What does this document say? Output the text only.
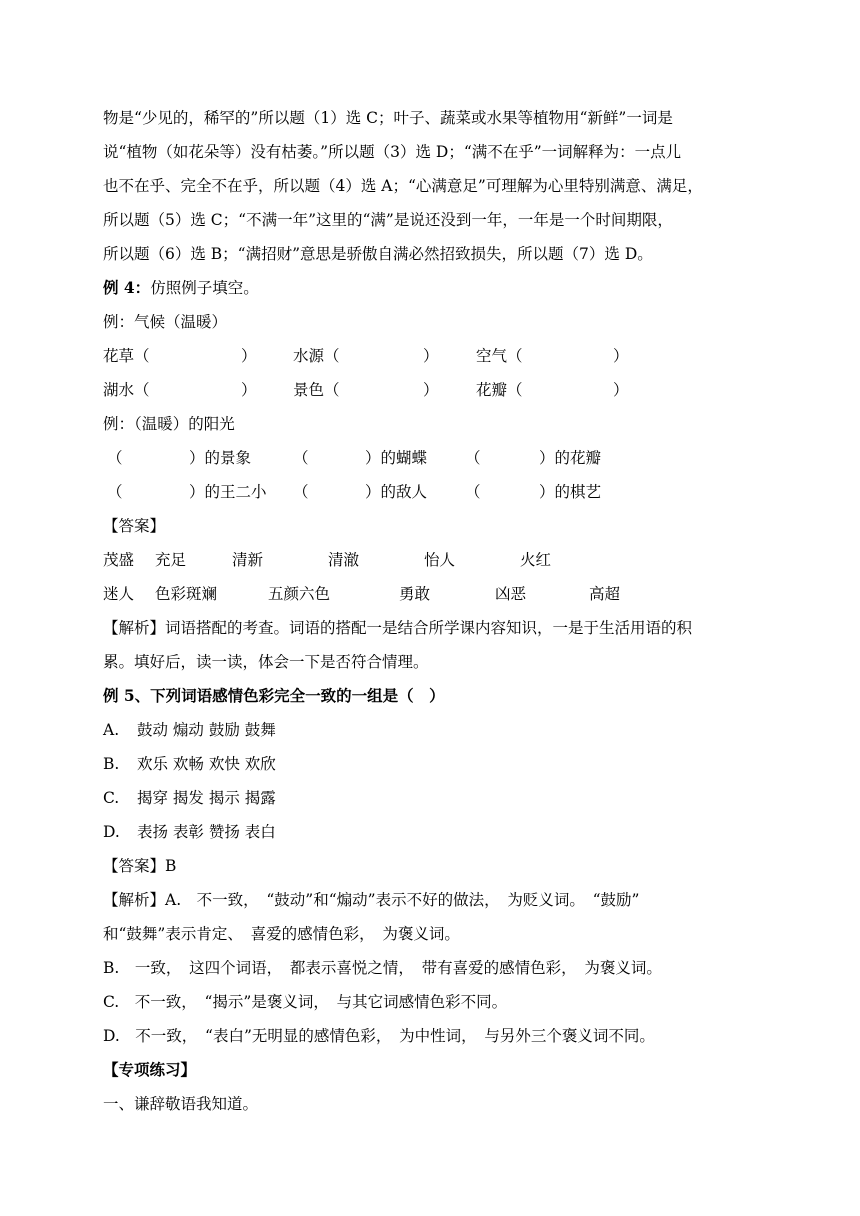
物是“少见的，稀罕的”所以题（1）选 C；叶子、蔬菜或水果等植物用“新鲜”一词是
说“植物（如花朵等）没有枯萎。”所以题（3）选 D；“满不在乎”一词解释为：一点儿
也不在乎、完全不在乎，所以题（4）选 A；“心满意足”可理解为心里特别满意、满足，
所以题（5）选 C；“不满一年”这里的“满”是说还没到一年，一年是一个时间期限，
所以题（6）选 B；“满招财”意思是骄傲自满必然招致损失，所以题（7）选 D。
例 4：仿照例子填空。
例：气候（温暖）
花草（	） 水源（	） 空气（	）
湖水（	） 景色（	） 花瓣（	）
例：（温暖）的阳光
（	）的景象	（	）的蝴蝶 （	）的花瓣
（	）的王二小 （	）的敌人 （	）的棋艺
【答案】
茂盛 充足	清新	清澈	怡人	火红
迷人 色彩斑斓	五颜六色	勇敢	凶恶	高超
【解析】词语搭配的考查。词语的搭配一是结合所学课内容知识，一是于生活用语的积
累。填好后，读一读，体会一下是否符合情理。
例 5、下列词语感情色彩完全一致的一组是（　）
A. 鼓动 煽动 鼓励 鼓舞
B. 欢乐 欢畅 欢快 欢欣
C. 揭穿 揭发 揭示 揭露
D. 表扬 表彰 赞扬 表白
【答案】B
【解析】A.　不一致，　“鼓动”和“煽动”表示不好的做法，　为贬义词。　“鼓励”
和“鼓舞”表示肯定、　喜爱的感情色彩，　为褒义词。
B.　一致，　这四个词语，　都表示喜悦之情，　带有喜爱的感情色彩，　为褒义词。
C.　不一致，　“揭示”是褒义词，　与其它词感情色彩不同。
D.　不一致，　“表白”无明显的感情色彩，　为中性词，　与另外三个褒义词不同。
【专项练习】
一、谦辞敬语我知道。
